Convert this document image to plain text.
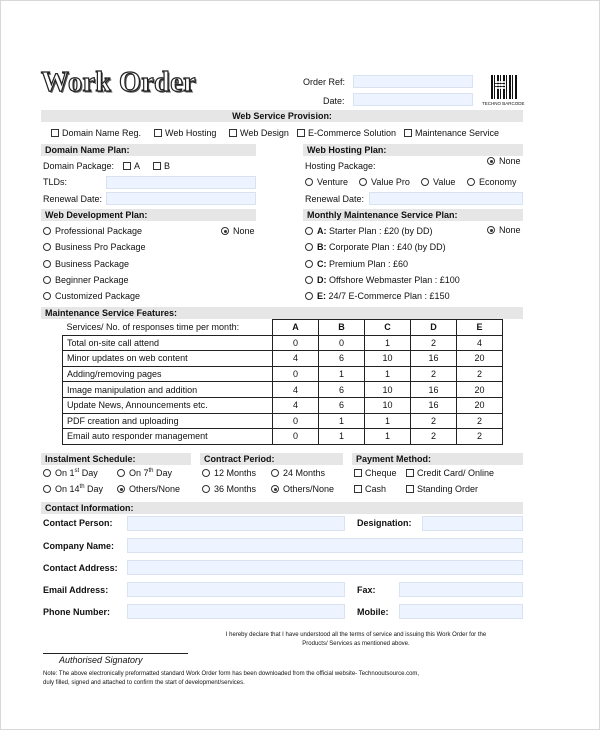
Work Order	Order Ref:
Date:	TECHNO BARCODE
Web Service Provision:
Domain Name Reg.	Web Hosting	Web Design	E-Commerce Solution	Maintenance Service
Domain Name Plan:
Domain Package:	A	B
TLDs:
Renewal Date:
Web Hosting Plan:
Hosting Package:	None
Venture	Value Pro	Value	Economy
Renewal Date:
Web Development Plan:
Professional Package	None
Business Pro Package
Business Package
Beginner Package
Customized Package
Monthly Maintenance Service Plan:
A: Starter Plan : £20 (by DD)	None
B: Corporate Plan : £40 (by DD)
C: Premium Plan : £60
D: Offshore Webmaster Plan : £100
E: 24/7 E-Commerce Plan : £150
Maintenance Service Features:
Services/ No. of responses time per month:	A	B	C	D	E
Total on-site call attend	0	0	1	2	4
Minor updates on web content	4	6	10	16	20
Adding/removing pages	0	1	1	2	2
Image manipulation and addition	4	6	10	16	20
Update News, Announcements etc.	4	6	10	16	20
PDF creation and uploading	0	1	1	2	2
Email auto responder management	0	1	1	2	2
Instalment Schedule:
On 1st Day	On 7th Day
On 14th Day	Others/None
Contract Period:
12 Months	24 Months
36 Months	Others/None
Payment Method:
Cheque	Credit Card/ Online
Cash	Standing Order
Contact Information:
Contact Person:	Designation:
Company Name:
Contact Address:
Email Address:	Fax:
Phone Number:	Mobile:
I hereby declare that I have understood all the terms of service and issuing this Work Order for the
Products/ Services as mentioned above.
Authorised Signatory
Note: The above electronically preformatted standard Work Order form has been downloaded from the official website- Technooutsource.com,
duly filled, signed and attached to confirm the start of development/services.
